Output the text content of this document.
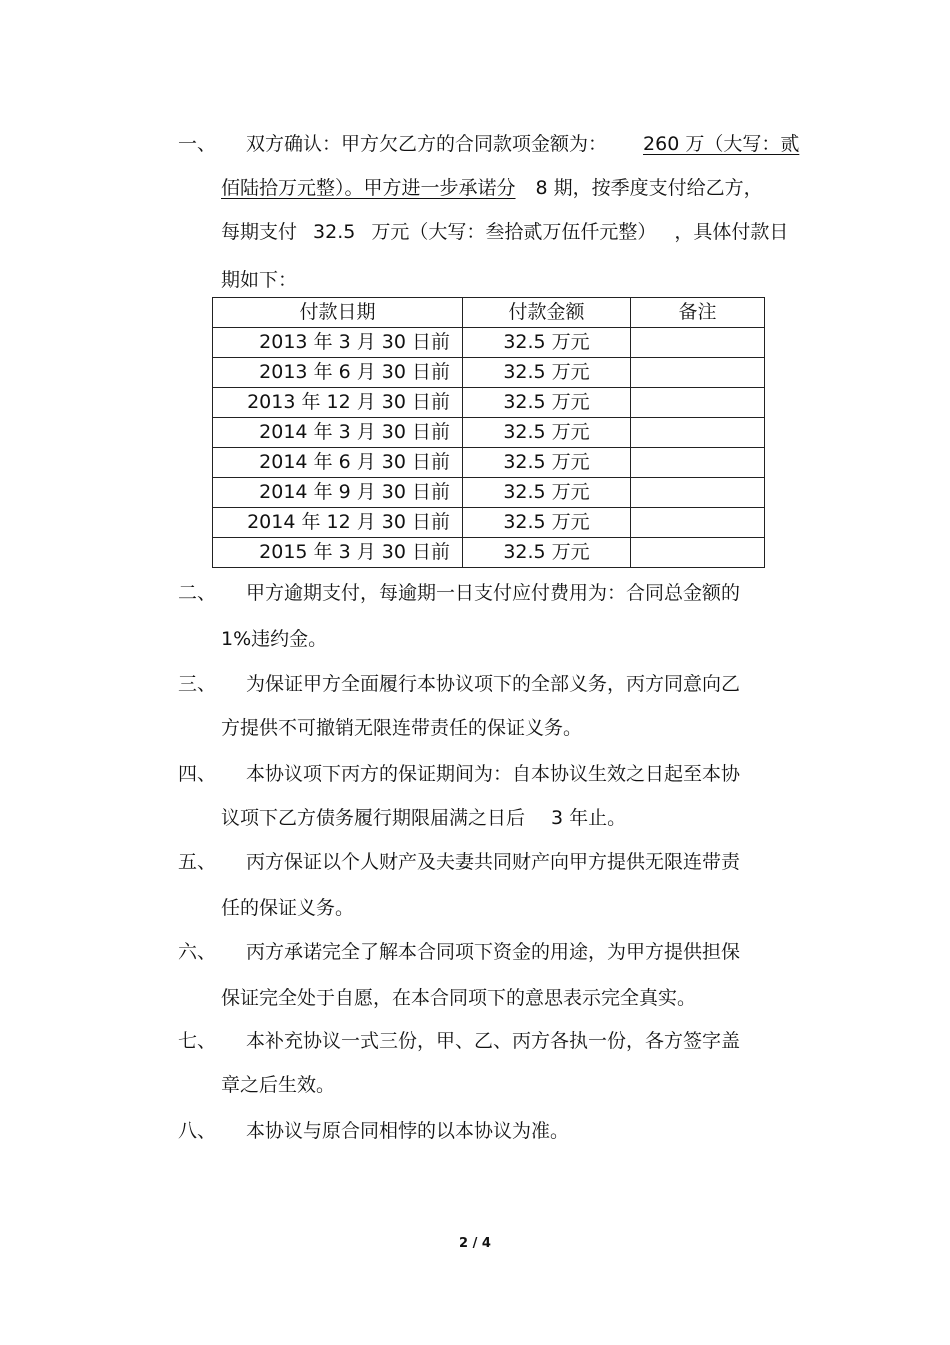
一、 双方确认：甲方欠乙方的合同款项金额为： 260 万（大写：贰
佰陆拾万元整）。甲方进一步承诺分 8 期，按季度支付给乙方，
每期支付 32.5 万元（大写：叁拾贰万伍仟元整） ，具体付款日
期如下：
付款日期	付款金额	备注
2013 年 3 月 30 日前	32.5 万元	
2013 年 6 月 30 日前	32.5 万元	
2013 年 12 月 30 日前	32.5 万元	
2014 年 3 月 30 日前	32.5 万元	
2014 年 6 月 30 日前	32.5 万元	
2014 年 9 月 30 日前	32.5 万元	
2014 年 12 月 30 日前	32.5 万元	
2015 年 3 月 30 日前	32.5 万元	
二、 甲方逾期支付，每逾期一日支付应付费用为：合同总金额的
1%违约金。
三、 为保证甲方全面履行本协议项下的全部义务，丙方同意向乙
方提供不可撤销无限连带责任的保证义务。
四、 本协议项下丙方的保证期间为：自本协议生效之日起至本协
议项下乙方债务履行期限届满之日后 3 年止。
五、 丙方保证以个人财产及夫妻共同财产向甲方提供无限连带责
任的保证义务。
六、 丙方承诺完全了解本合同项下资金的用途，为甲方提供担保
保证完全处于自愿，在本合同项下的意思表示完全真实。
七、 本补充协议一式三份，甲、乙、丙方各执一份，各方签字盖
章之后生效。
八、 本协议与原合同相悖的以本协议为准。
2 / 4
